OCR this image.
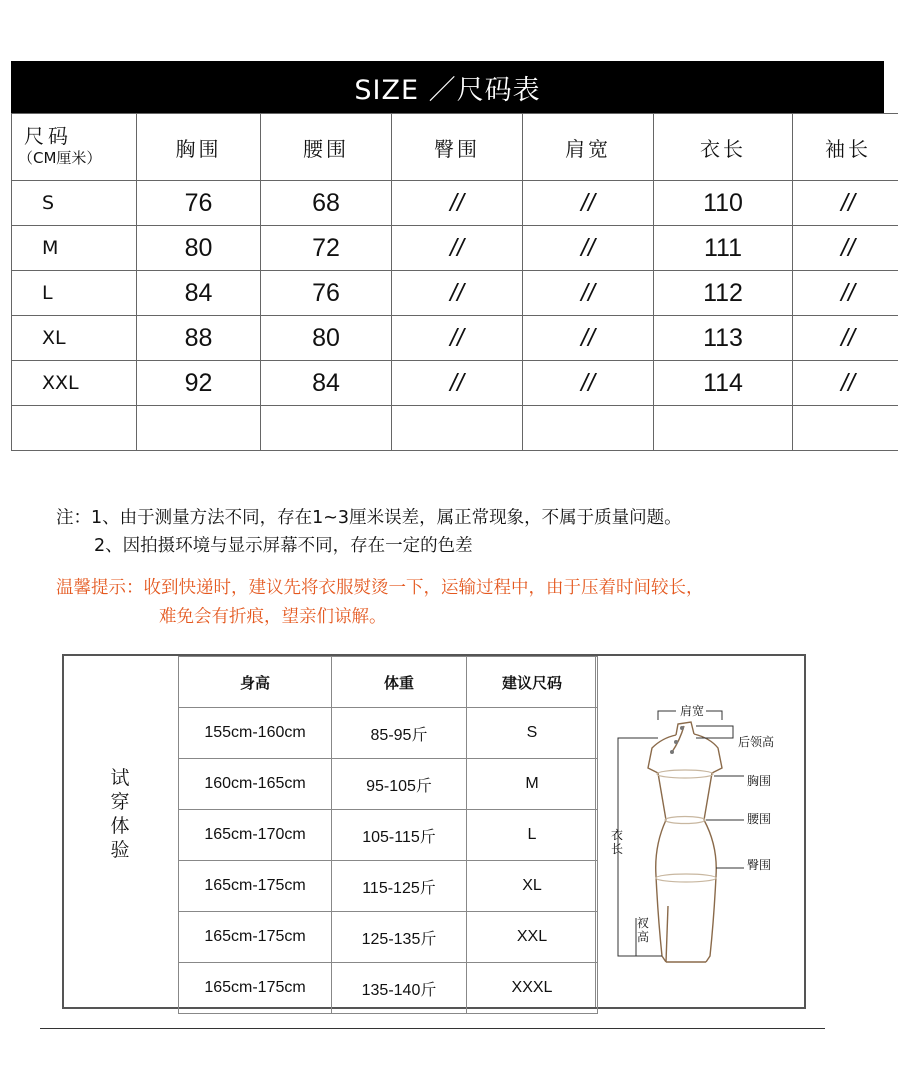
SIZE ／尺码表
尺码
（CM厘米）	胸围	腰围	臀围	肩宽	衣长	袖长
S	76	68	//	//	110	//
M	80	72	//	//	111	//
L	84	76	//	//	112	//
XL	88	80	//	//	113	//
XXL	92	84	//	//	114	//

注：1、由于测量方法不同，存在1~3厘米误差，属正常现象，不属于质量问题。
2、因拍摄环境与显示屏幕不同，存在一定的色差
温馨提示：收到快递时，建议先将衣服熨烫一下，运输过程中，由于压着时间较长，
难免会有折痕，望亲们谅解。
试
穿
体
验
身高	体重	建议尺码
155cm-160cm	85-95斤	S
160cm-165cm	95-105斤	M
165cm-170cm	105-115斤	L
165cm-175cm	115-125斤	XL
165cm-175cm	125-135斤	XXL
165cm-175cm	135-140斤	XXXL
肩宽
后领高
胸围
腰围
臀围
衣
长
衩
高
